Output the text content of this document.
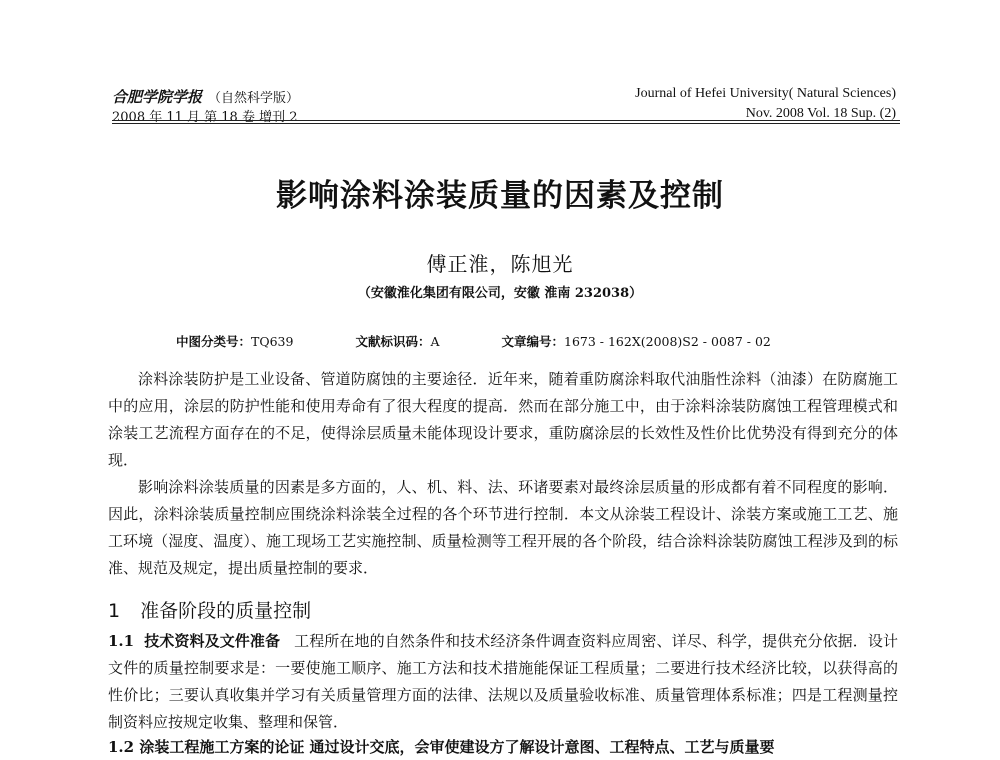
合肥学院学报 （自然科学版）	Journal of Hefei University( Natural Sciences)
2008 年 11 月 第 18 卷 增刊 2	Nov. 2008 Vol. 18 Sup. (2)
影响涂料涂装质量的因素及控制
傅正淮，陈旭光
（安徽淮化集团有限公司，安徽 淮南 232038）
中图分类号：TQ639	文献标识码：A	文章编号：1673 - 162X(2008)S2 - 0087 - 02

涂料涂装防护是工业设备、管道防腐蚀的主要途径．近年来，随着重防腐涂料取代油脂性涂料（油漆）在防腐施工中的应用，涂层的防护性能和使用寿命有了很大程度的提高．然而在部分施工中，由于涂料涂装防腐蚀工程管理模式和涂装工艺流程方面存在的不足，使得涂层质量未能体现设计要求，重防腐涂层的长效性及性价比优势没有得到充分的体现．

影响涂料涂装质量的因素是多方面的，人、机、料、法、环诸要素对最终涂层质量的形成都有着不同程度的影响．因此，涂料涂装质量控制应围绕涂料涂装全过程的各个环节进行控制．本文从涂装工程设计、涂装方案或施工工艺、施工环境（湿度、温度）、施工现场工艺实施控制、质量检测等工程开展的各个阶段，结合涂料涂装防腐蚀工程涉及到的标准、规范及规定，提出质量控制的要求．

1 准备阶段的质量控制

1.1 技术资料及文件准备 工程所在地的自然条件和技术经济条件调查资料应周密、详尽、科学，提供充分依据．设计文件的质量控制要求是：一要使施工顺序、施工方法和技术措施能保证工程质量；二要进行技术经济比较，以获得高的性价比；三要认真收集并学习有关质量管理方面的法律、法规以及质量验收标准、质量管理体系标准；四是工程测量控制资料应按规定收集、整理和保管．

1.2 涂装工程施工方案的论证 通过设计交底，会审使建设方了解设计意图、工程特点、工艺与质量要
